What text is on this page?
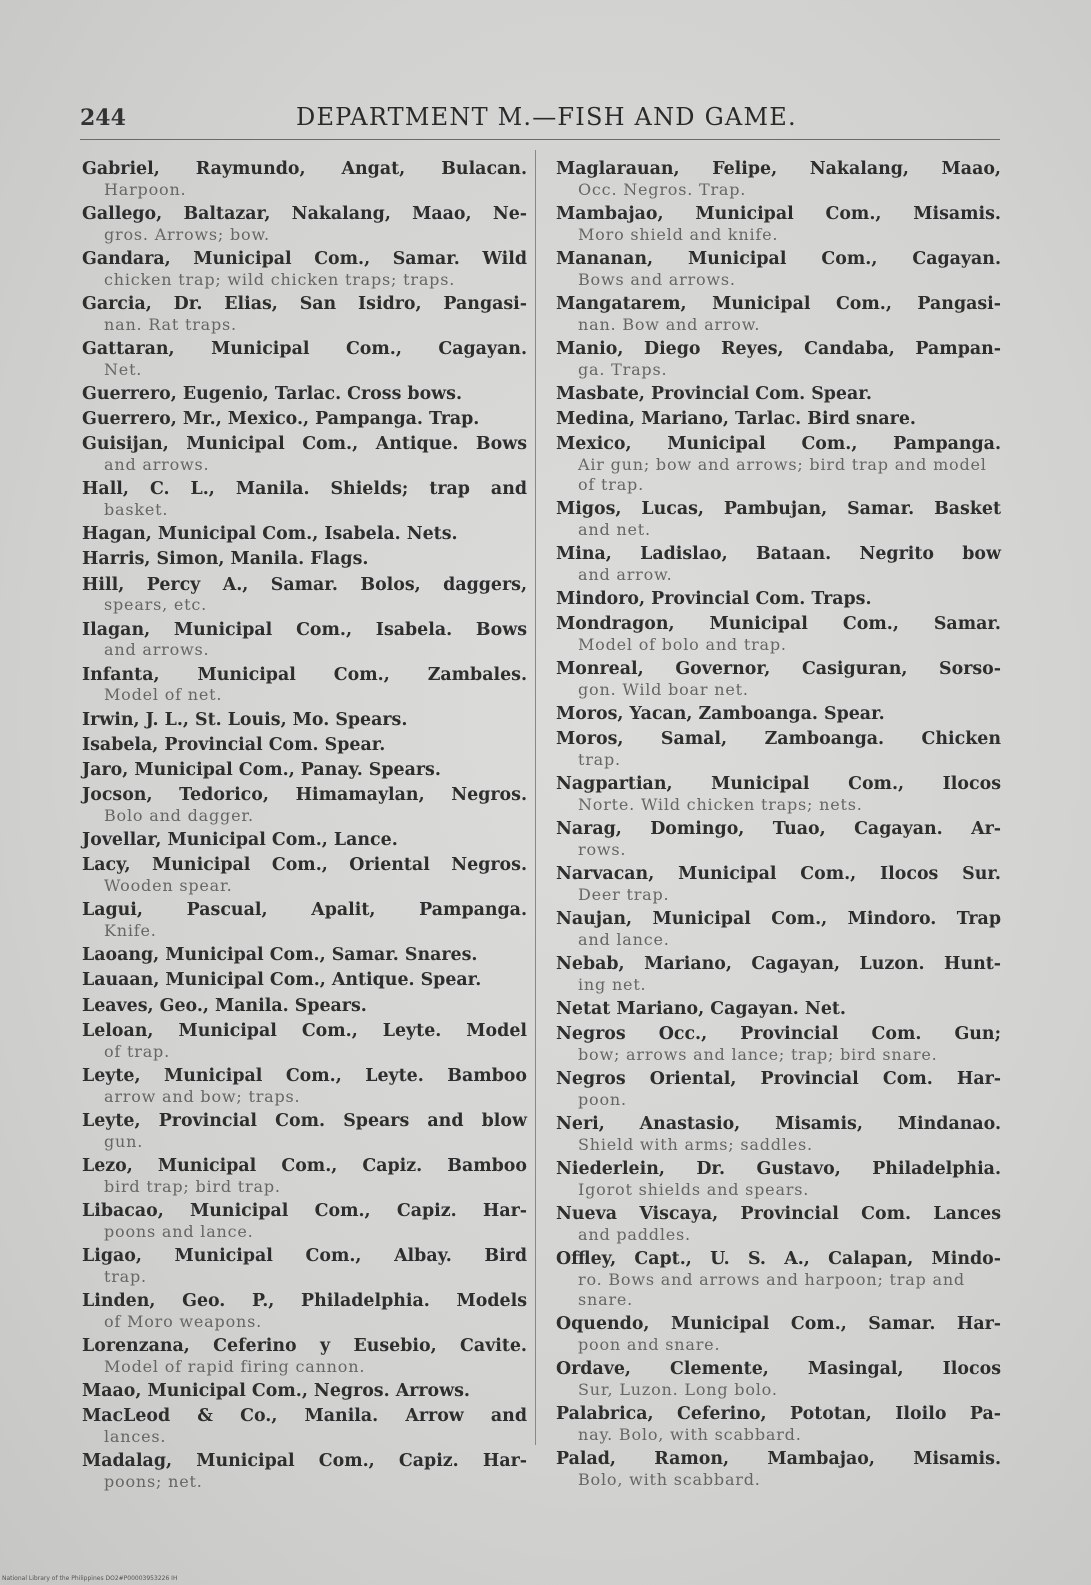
244	DEPARTMENT M.—FISH AND GAME.
Gabriel, Raymundo, Angat, Bulacan.
Harpoon.
Gallego, Baltazar, Nakalang, Maao, Ne-
gros. Arrows; bow.
Gandara, Municipal Com., Samar. Wild
chicken trap; wild chicken traps; traps.
Garcia, Dr. Elias, San Isidro, Pangasi-
nan. Rat traps.
Gattaran, Municipal Com., Cagayan.
Net.
Guerrero, Eugenio, Tarlac. Cross bows.
Guerrero, Mr., Mexico., Pampanga. Trap.
Guisijan, Municipal Com., Antique. Bows
and arrows.
Hall, C. L., Manila. Shields; trap and
basket.
Hagan, Municipal Com., Isabela. Nets.
Harris, Simon, Manila. Flags.
Hill, Percy A., Samar. Bolos, daggers,
spears, etc.
Ilagan, Municipal Com., Isabela. Bows
and arrows.
Infanta, Municipal Com., Zambales.
Model of net.
Irwin, J. L., St. Louis, Mo. Spears.
Isabela, Provincial Com. Spear.
Jaro, Municipal Com., Panay. Spears.
Jocson, Tedorico, Himamaylan, Negros.
Bolo and dagger.
Jovellar, Municipal Com., Lance.
Lacy, Municipal Com., Oriental Negros.
Wooden spear.
Lagui, Pascual, Apalit, Pampanga.
Knife.
Laoang, Municipal Com., Samar. Snares.
Lauaan, Municipal Com., Antique. Spear.
Leaves, Geo., Manila. Spears.
Leloan, Municipal Com., Leyte. Model
of trap.
Leyte, Municipal Com., Leyte. Bamboo
arrow and bow; traps.
Leyte, Provincial Com. Spears and blow
gun.
Lezo, Municipal Com., Capiz. Bamboo
bird trap; bird trap.
Libacao, Municipal Com., Capiz. Har-
poons and lance.
Ligao, Municipal Com., Albay. Bird
trap.
Linden, Geo. P., Philadelphia. Models
of Moro weapons.
Lorenzana, Ceferino y Eusebio, Cavite.
Model of rapid firing cannon.
Maao, Municipal Com., Negros. Arrows.
MacLeod & Co., Manila. Arrow and
lances.
Madalag, Municipal Com., Capiz. Har-
poons; net.
Maglarauan, Felipe, Nakalang, Maao,
Occ. Negros. Trap.
Mambajao, Municipal Com., Misamis.
Moro shield and knife.
Mananan, Municipal Com., Cagayan.
Bows and arrows.
Mangatarem, Municipal Com., Pangasi-
nan. Bow and arrow.
Manio, Diego Reyes, Candaba, Pampan-
ga. Traps.
Masbate, Provincial Com. Spear.
Medina, Mariano, Tarlac. Bird snare.
Mexico, Municipal Com., Pampanga.
Air gun; bow and arrows; bird trap and model of trap.
Migos, Lucas, Pambujan, Samar. Basket
and net.
Mina, Ladislao, Bataan. Negrito bow
and arrow.
Mindoro, Provincial Com. Traps.
Mondragon, Municipal Com., Samar.
Model of bolo and trap.
Monreal, Governor, Casiguran, Sorso-
gon. Wild boar net.
Moros, Yacan, Zamboanga. Spear.
Moros, Samal, Zamboanga. Chicken
trap.
Nagpartian, Municipal Com., Ilocos
Norte. Wild chicken traps; nets.
Narag, Domingo, Tuao, Cagayan. Ar-
rows.
Narvacan, Municipal Com., Ilocos Sur.
Deer trap.
Naujan, Municipal Com., Mindoro. Trap
and lance.
Nebab, Mariano, Cagayan, Luzon. Hunt-
ing net.
Netat Mariano, Cagayan. Net.
Negros Occ., Provincial Com. Gun;
bow; arrows and lance; trap; bird snare.
Negros Oriental, Provincial Com. Har-
poon.
Neri, Anastasio, Misamis, Mindanao.
Shield with arms; saddles.
Niederlein, Dr. Gustavo, Philadelphia.
Igorot shields and spears.
Nueva Viscaya, Provincial Com. Lances
and paddles.
Offley, Capt., U. S. A., Calapan, Mindo-
ro. Bows and arrows and harpoon; trap and snare.
Oquendo, Municipal Com., Samar. Har-
poon and snare.
Ordave, Clemente, Masingal, Ilocos
Sur, Luzon. Long bolo.
Palabrica, Ceferino, Pototan, Iloilo Pa-
nay. Bolo, with scabbard.
Palad, Ramon, Mambajao, Misamis.
Bolo, with scabbard.
National Library of the Philippines DO2#P00003953226 IH
